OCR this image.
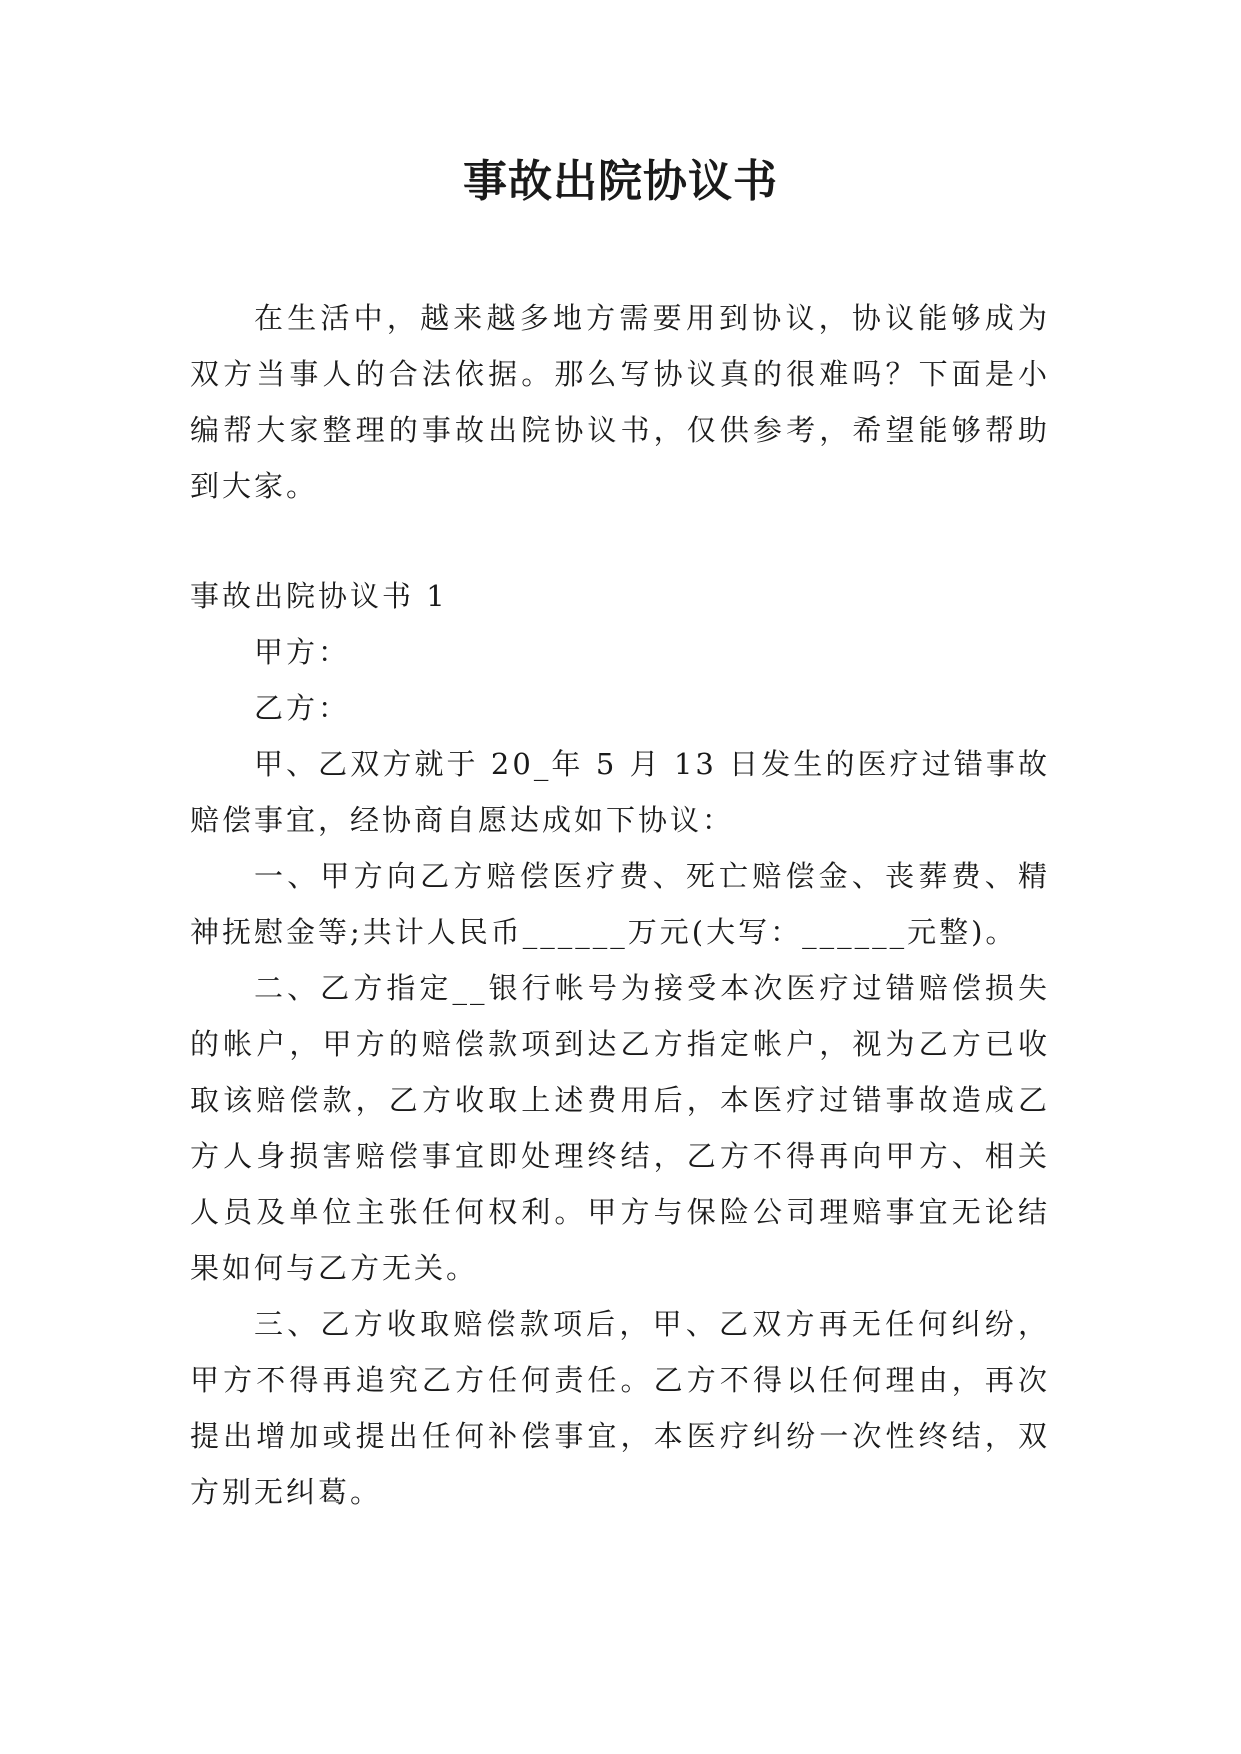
事故出院协议书

在生活中，越来越多地方需要用到协议，协议能够成为双方当事人的合法依据。那么写协议真的很难吗？下面是小编帮大家整理的事故出院协议书，仅供参考，希望能够帮助到大家。

事故出院协议书 1

甲方：

乙方：

甲、乙双方就于 20_年 5 月 13 日发生的医疗过错事故赔偿事宜，经协商自愿达成如下协议：

一、甲方向乙方赔偿医疗费、死亡赔偿金、丧葬费、精神抚慰金等;共计人民币______万元(大写：______元整)。

二、乙方指定__银行帐号为接受本次医疗过错赔偿损失的帐户，甲方的赔偿款项到达乙方指定帐户，视为乙方已收取该赔偿款，乙方收取上述费用后，本医疗过错事故造成乙方人身损害赔偿事宜即处理终结，乙方不得再向甲方、相关人员及单位主张任何权利。甲方与保险公司理赔事宜无论结果如何与乙方无关。

三、乙方收取赔偿款项后，甲、乙双方再无任何纠纷，甲方不得再追究乙方任何责任。乙方不得以任何理由，再次提出增加或提出任何补偿事宜，本医疗纠纷一次性终结，双方别无纠葛。
